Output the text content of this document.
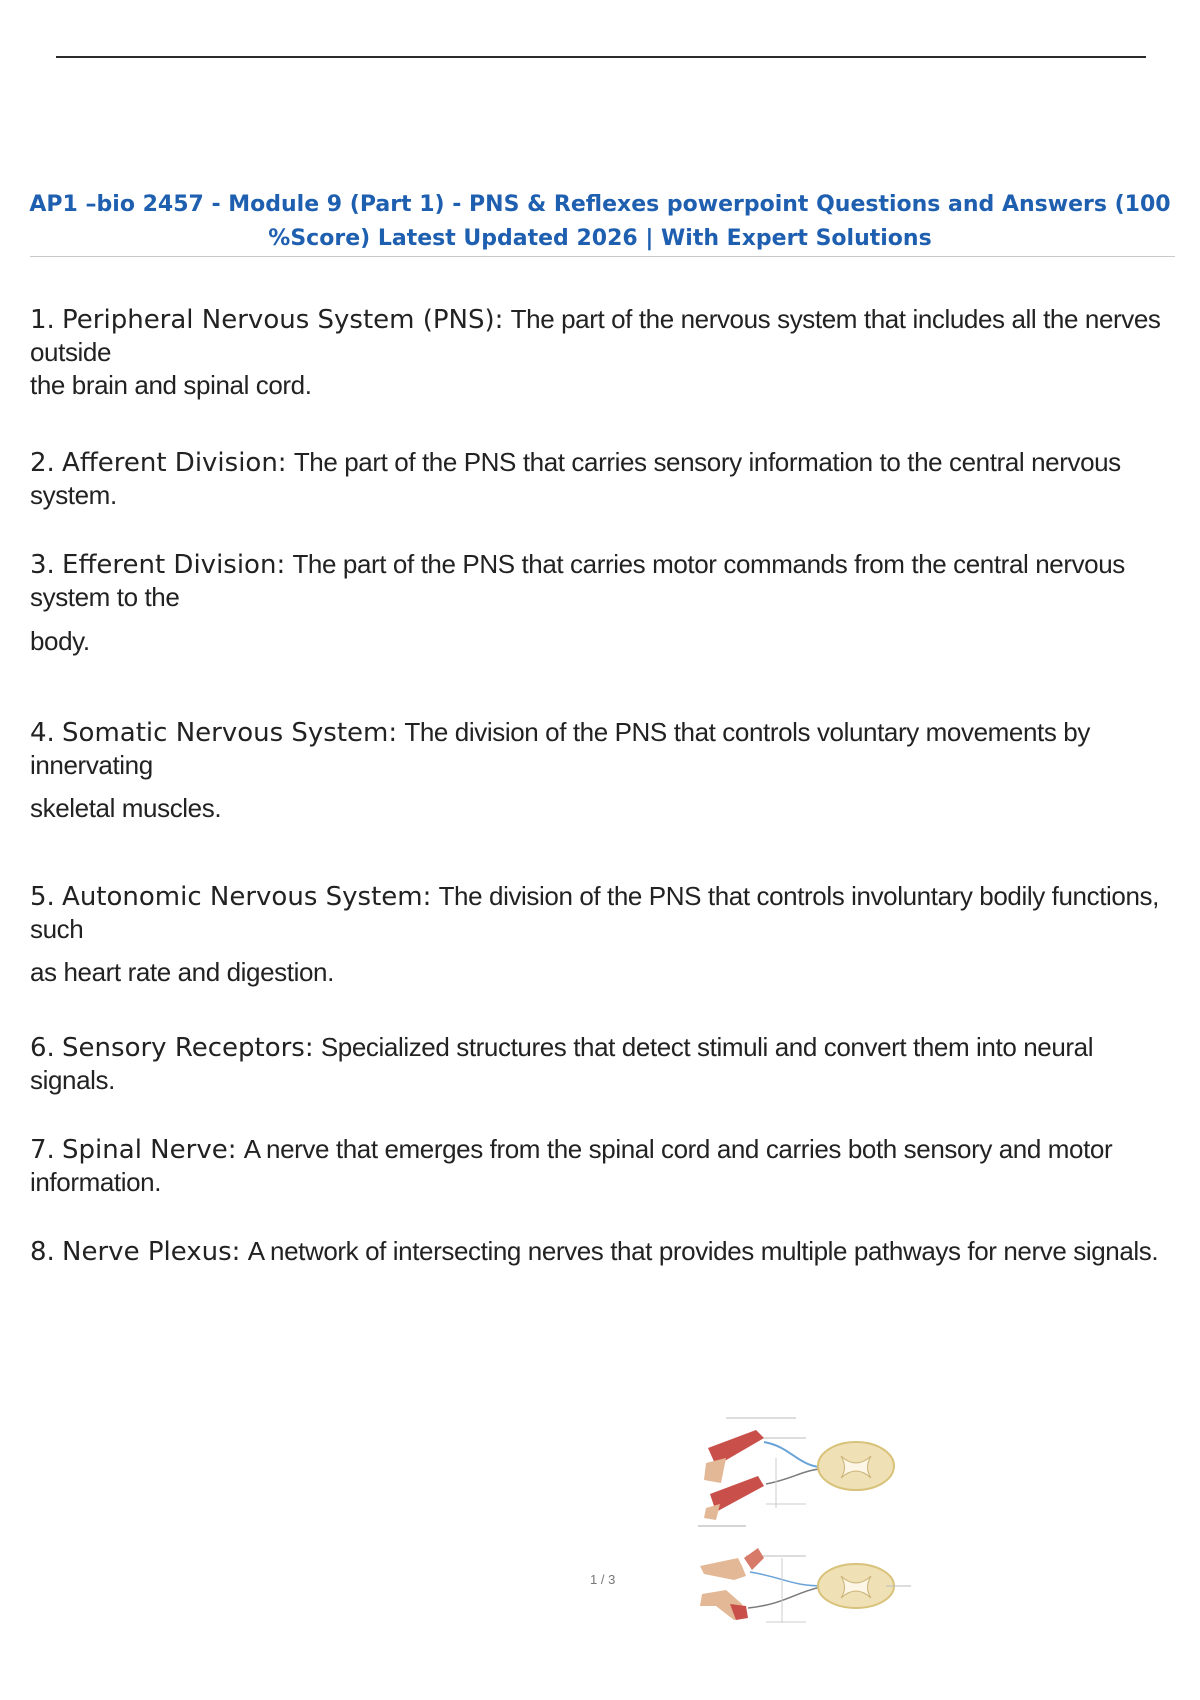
AP1 –bio 2457 - Module 9 (Part 1) - PNS & Reflexes powerpoint Questions and Answers (100
%Score) Latest Updated 2026 | With Expert Solutions
1. Peripheral Nervous System (PNS): The part of the nervous system that includes all the nerves outside
the brain and spinal cord.
2. Afferent Division: The part of the PNS that carries sensory information to the central nervous system.
3. Efferent Division: The part of the PNS that carries motor commands from the central nervous system to the
body.
4. Somatic Nervous System: The division of the PNS that controls voluntary movements by innervating
skeletal muscles.
5. Autonomic Nervous System: The division of the PNS that controls involuntary bodily functions, such
as heart rate and digestion.
6. Sensory Receptors: Specialized structures that detect stimuli and convert them into neural signals.
7. Spinal Nerve: A nerve that emerges from the spinal cord and carries both sensory and motor information.
8. Nerve Plexus: A network of intersecting nerves that provides multiple pathways for nerve signals.
1 / 3
